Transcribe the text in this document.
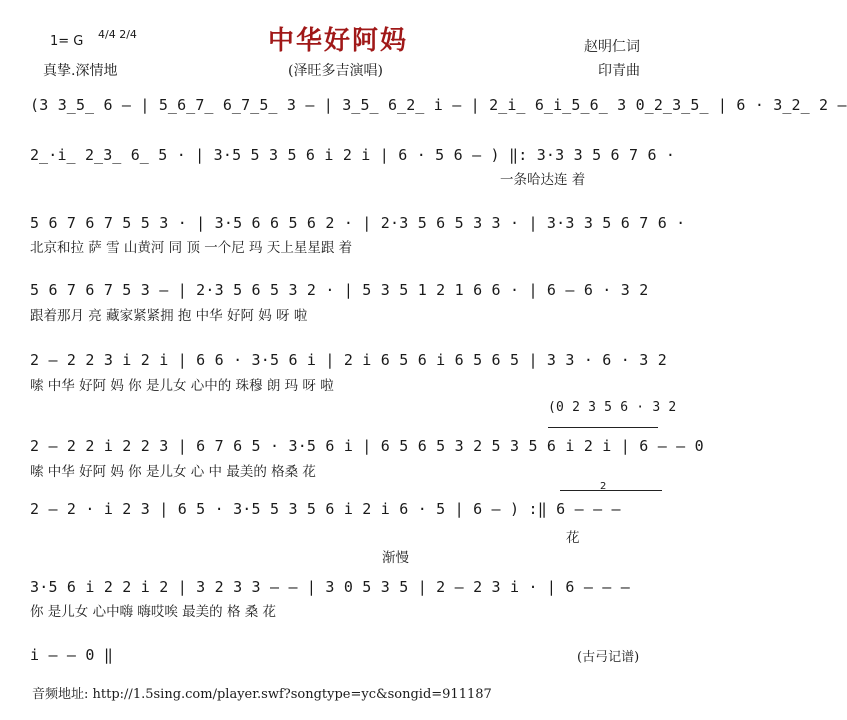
1= G 4/4 2/4	中华好阿妈	赵明仁词
真挚.深情地	(泽旺多吉演唱)	印青曲
(3 3̲5̲ 6 – | 5̲6̲7̲ 6̲7̲5̲ 3 – | 3̲5̲ 6̲2̲ i – | 2̲i̲ 6̲i̲5̲6̲ 3 0̲2̲3̲5̲ | 6 · 3̲2̲ 2 –
2̲·i̲ 2̲3̲ 6̲ 5 · | 3·5 5 3 5 6 i 2 i | 6 · 5 6 – ) ‖: 3·3 3 5 6 7 6 ·
一条哈达连 着
5 6 7 6 7 5 5 3 · | 3·5 6 6 5 6 2 · | 2·3 5 6 5 3 3 · | 3·3 3 5 6 7 6 ·
北京和拉 萨 雪 山黄河 同 顶 一个尼 玛 天上星星跟 着
5 6 7 6 7 5 3 – | 2·3 5 6 5 3 2 · | 5 3 5 1 2 1 6 6 · | 6 – 6 · 3 2
跟着那月 亮 藏家紧紧拥 抱 中华 好阿 妈 呀 啦
2 – 2 2 3 i 2 i | 6 6 · 3·5 6 i | 2 i 6 5 6 i 6 5 6 5 | 3 3 · 6 · 3 2
嗦 中华 好阿 妈 你 是儿女 心中的 珠穆 朗 玛 呀 啦
(0 2 3 5 6 · 3 2
2 – 2 2 i 2 2 3 | 6 7 6 5 · 3·5 6 i | 6 5 6 5 3 2 5 3 5 6 i 2 i | 6 – – 0
嗦 中华 好阿 妈 你 是儿女 心 中 最美的 格桑 花
2 – 2 · i 2 3 | 6 5 · 3·5 5 3 5 6 i 2 i 6 · 5 | 6 – ) :‖ 6 – – –
花
2
渐慢
3·5 6 i 2 2 i 2 | 3 2 3 3 – – | 3 0 5 3 5 | 2 – 2 3 i · | 6 – – –
你 是儿女 心中嗨 嗨哎唉 最美的 格 桑 花
i – – 0 ‖	(古弓记谱)
音频地址: http://1.5sing.com/player.swf?songtype=yc&songid=911187
